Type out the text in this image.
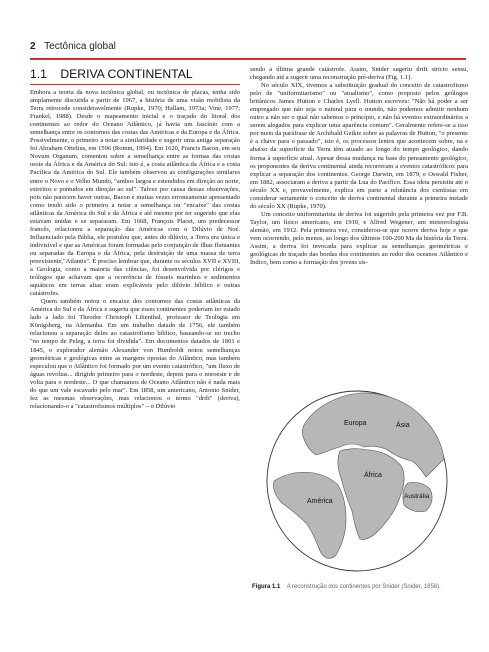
2 Tectônica global
1.1 DERIVA CONTINENTAL

Embora a teoria da nova tectônica global, ou tectônica de placas, tenha sido amplamente discutida a partir de 1967, a história de uma visão mobilista da Terra retrocede consideravelmente (Rupke, 1970; Hallam, 1973a; Vine, 1977; Frankel, 1988). Desde o mapeamento inicial e o traçado do litoral dos continentes ao redor do Oceano Atlântico, já havia um fascínio com a semelhança entre os contornos das costas das Américas e da Europa e da África. Possivelmente, o primeiro a notar a similaridade e sugerir uma antiga separação foi Abraham Ortelius, em 1596 (Romm, 1994). Em 1620, Francis Bacon, em seu Novum Organum, comentou sobre a semelhança entre as formas das costas oeste da África e da América do Sul: isto é, a costa atlântica da África e a costa Pacífica da América do Sul. Ele também observou as configurações similares entre o Novo e o Velho Mundo, "ambos largos e estendidos em direção ao norte, estreitos e pontudos em direção ao sul". Talvez por causa dessas observações, pois não parecem haver outras, Bacon é muitas vezes erroneamente apresentado como tendo sido o primeiro a notar a semelhança ou "encaixe" das costas atlânticas da América do Sul e da África e até mesmo por ter sugerido que elas estavam unidas e se separaram. Em 1668, François Placet, um predecessor francês, relacionou a separação das Américas com o Dilúvio de Noé. Influenciado pela Bíblia, ele postulou que, antes do dilúvio, a Terra era única e indivisível e que as Américas foram formadas pelo conjunção de ilhas flutuantes ou separadas da Europa e da África, pela destruição de uma massa de terra preexistente,"Atlantis". É preciso lembrar que, durante os séculos XVII e XVIII, a Geologia, como a maioria das ciências, foi desenvolvida por clérigos e teólogos que achavam que a ocorrência de fósseis marinhos e sedimentos aquáticos em terras altas eram explicáveis pelo dilúvio bíblico e outras catástrofes.

Quem também notou o encaixe dos contornos das costas atlânticas da América do Sul e da África e sugeriu que esses continentes poderiam ter estado lado a lado foi Theodor Christoph Lilienthal, professor de Teologia em Königsberg, na Alemanha. Em um trabalho datado de 1756, ele também relacionou a separação deles ao catastrofismo bíblico, baseando-se no trecho "no tempo de Peleg, a terra foi dividida". Em documentos datados de 1801 e 1845, o explorador alemão Alexander von Humboldt notou semelhanças geométricas e geológicas entre as margens opostas do Atlântico, mas também especulou que o Atlântico foi formado por um evento catastrófico, "um fluxo de águas revoltas... dirigido primeiro para o nordeste, depois para o noroeste e de volta para o nordeste... O que chamamos de Oceano Atlântico não é nada mais do que um vale escavado pelo mar". Em 1858, um americano, Antonio Snider, fez as mesmas observações, mas relacionou o termo "drift" (deriva), relacionando-o a "catastrofismos múltiplos" – o Dilúvio

sendo a última grande catástrofe. Assim, Snider sugeriu drift stricto sensu, chegando até a sugerir uma reconstrução pré-deriva (Fig. 1.1).

No século XIX, tivemos a substituição gradual do conceito de catastrofismo pelo de "uniformitarismo" ou "atualismo", como proposto pelos geólogos britânicos James Hutton e Charles Lyell. Hutton escreveu: "Não há poder a ser empregado que não seja o natural para o mundo, não podemos admitir nenhum outro a não ser o qual não sabemos o princípio, e não há eventos extraordinários a serem alegados para explicar uma aparência comum". Geralmente refere-se a isso por meio da paráfrase de Archibald Geikie sobre as palavras de Hutton, "o presente é a chave para o passado", isto é, os processos lentos que acontecem sobre, na e abaixo da superfície da Terra têm atuado ao longo do tempo geológico, dando forma à superfície atual. Apesar dessa mudança na base do pensamento geológico, os proponentes da deriva continental ainda recorreram a eventos catastróficos para explicar a separação dos continentes. George Darwin, em 1879, e Oswald Fisher, em 1882, associaram a deriva a partir da Lua do Pacífico. Essa ideia persistiu até o século XX e, provavelmente, explica em parte a relutância dos cientistas em considerar seriamente o conceito de deriva continental durante a primeira metade do século XX (Rupke, 1970).

Um conceito uniformitarista de deriva foi sugerido pela primeira vez por F.B. Taylor, um físico americano, em 1910, e Alfred Wegener, um meteorologista alemão, em 1912. Pela primeira vez, considerou-se que ocorre deriva hoje e que vem ocorrendo, pelo menos, ao longo dos últimos 100-200 Ma da história da Terra. Assim, a deriva foi invocada para explicar as semelhanças geométricas e geológicas do traçado das bordas dos continentes ao redor dos oceanos Atlântico e Índico, bem como a formação dos jovens sis-

Europa	Ásia
África
Austrália
América
Figura 1.1 A reconstrução dos continentes por Snider (Snider, 1858).
